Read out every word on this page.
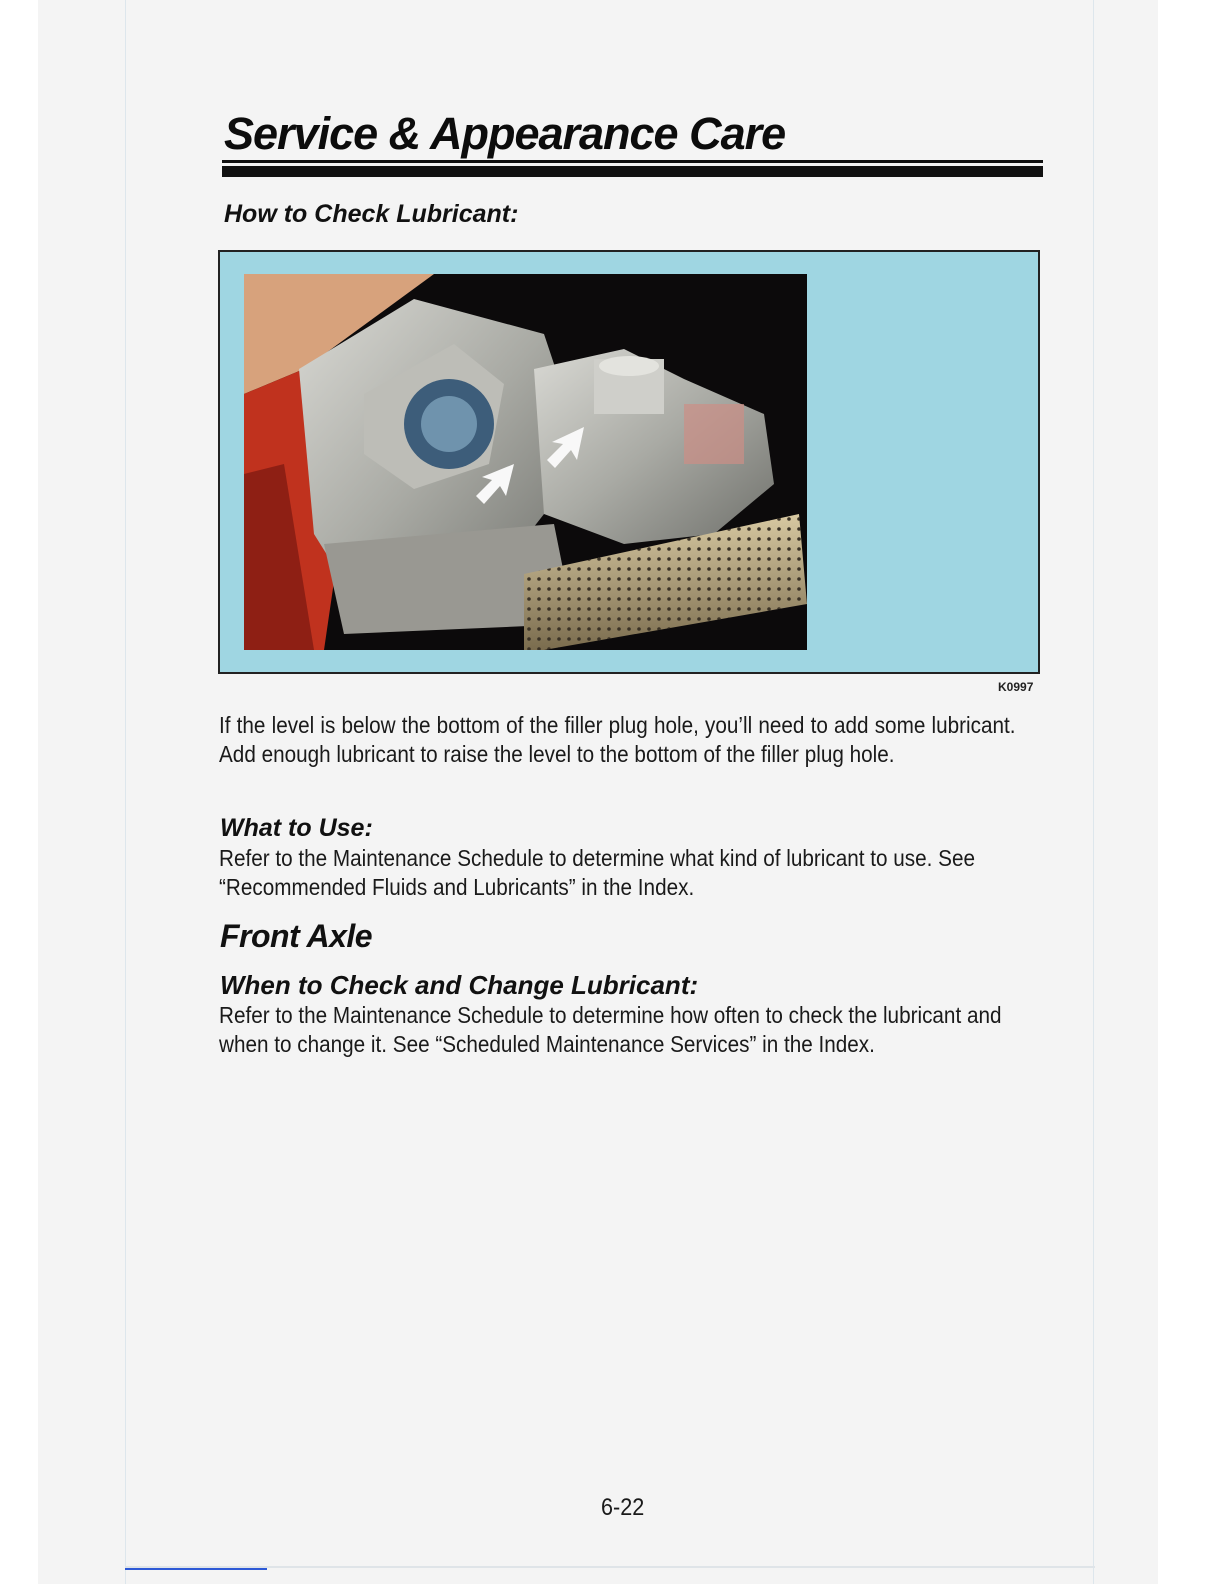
Service & Appearance Care
How to Check Lubricant:
K0997

If the level is below the bottom of the filler plug hole, you’ll need to add some lubricant. Add enough lubricant to raise the level to the bottom of the filler plug hole.

What to Use:

Refer to the Maintenance Schedule to determine what kind of lubricant to use. See “Recommended Fluids and Lubricants” in the Index.

Front Axle
When to Check and Change Lubricant:

Refer to the Maintenance Schedule to determine how often to check the lubricant and when to change it. See “Scheduled Maintenance Services” in the Index.

6-22
